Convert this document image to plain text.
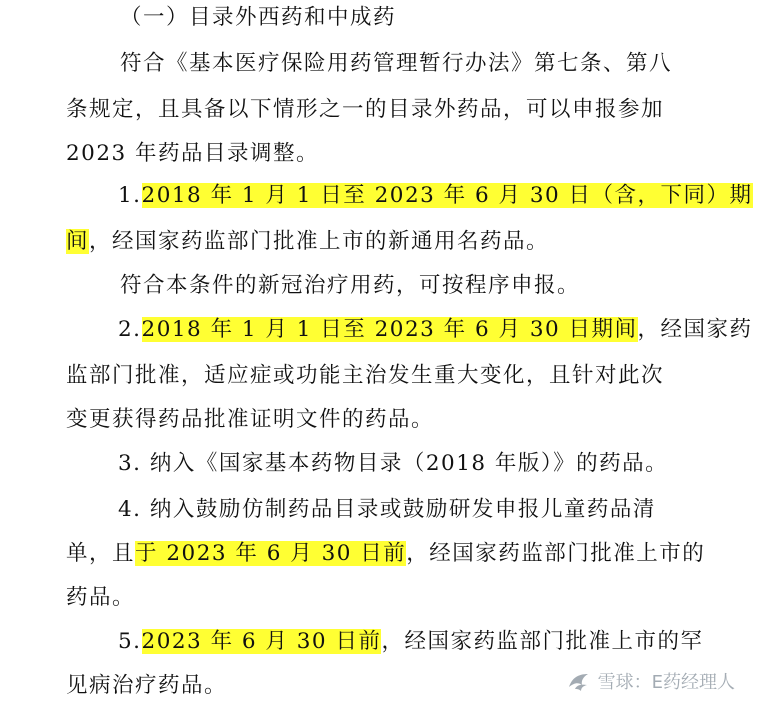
（一）目录外西药和中成药
符合《基本医疗保险用药管理暂行办法》第七条、第八
条规定，且具备以下情形之一的目录外药品，可以申报参加
2023 年药品目录调整。
1.2018 年 1 月 1 日至 2023 年 6 月 30 日（含，下同）期
间，经国家药监部门批准上市的新通用名药品。
符合本条件的新冠治疗用药，可按程序申报。
2.2018 年 1 月 1 日至 2023 年 6 月 30 日期间，经国家药
监部门批准，适应症或功能主治发生重大变化，且针对此次
变更获得药品批准证明文件的药品。
3. 纳入《国家基本药物目录（2018 年版）》的药品。
4. 纳入鼓励仿制药品目录或鼓励研发申报儿童药品清
单，且于 2023 年 6 月 30 日前，经国家药监部门批准上市的
药品。
5.2023 年 6 月 30 日前，经国家药监部门批准上市的罕
见病治疗药品。	雪球：E药经理人
